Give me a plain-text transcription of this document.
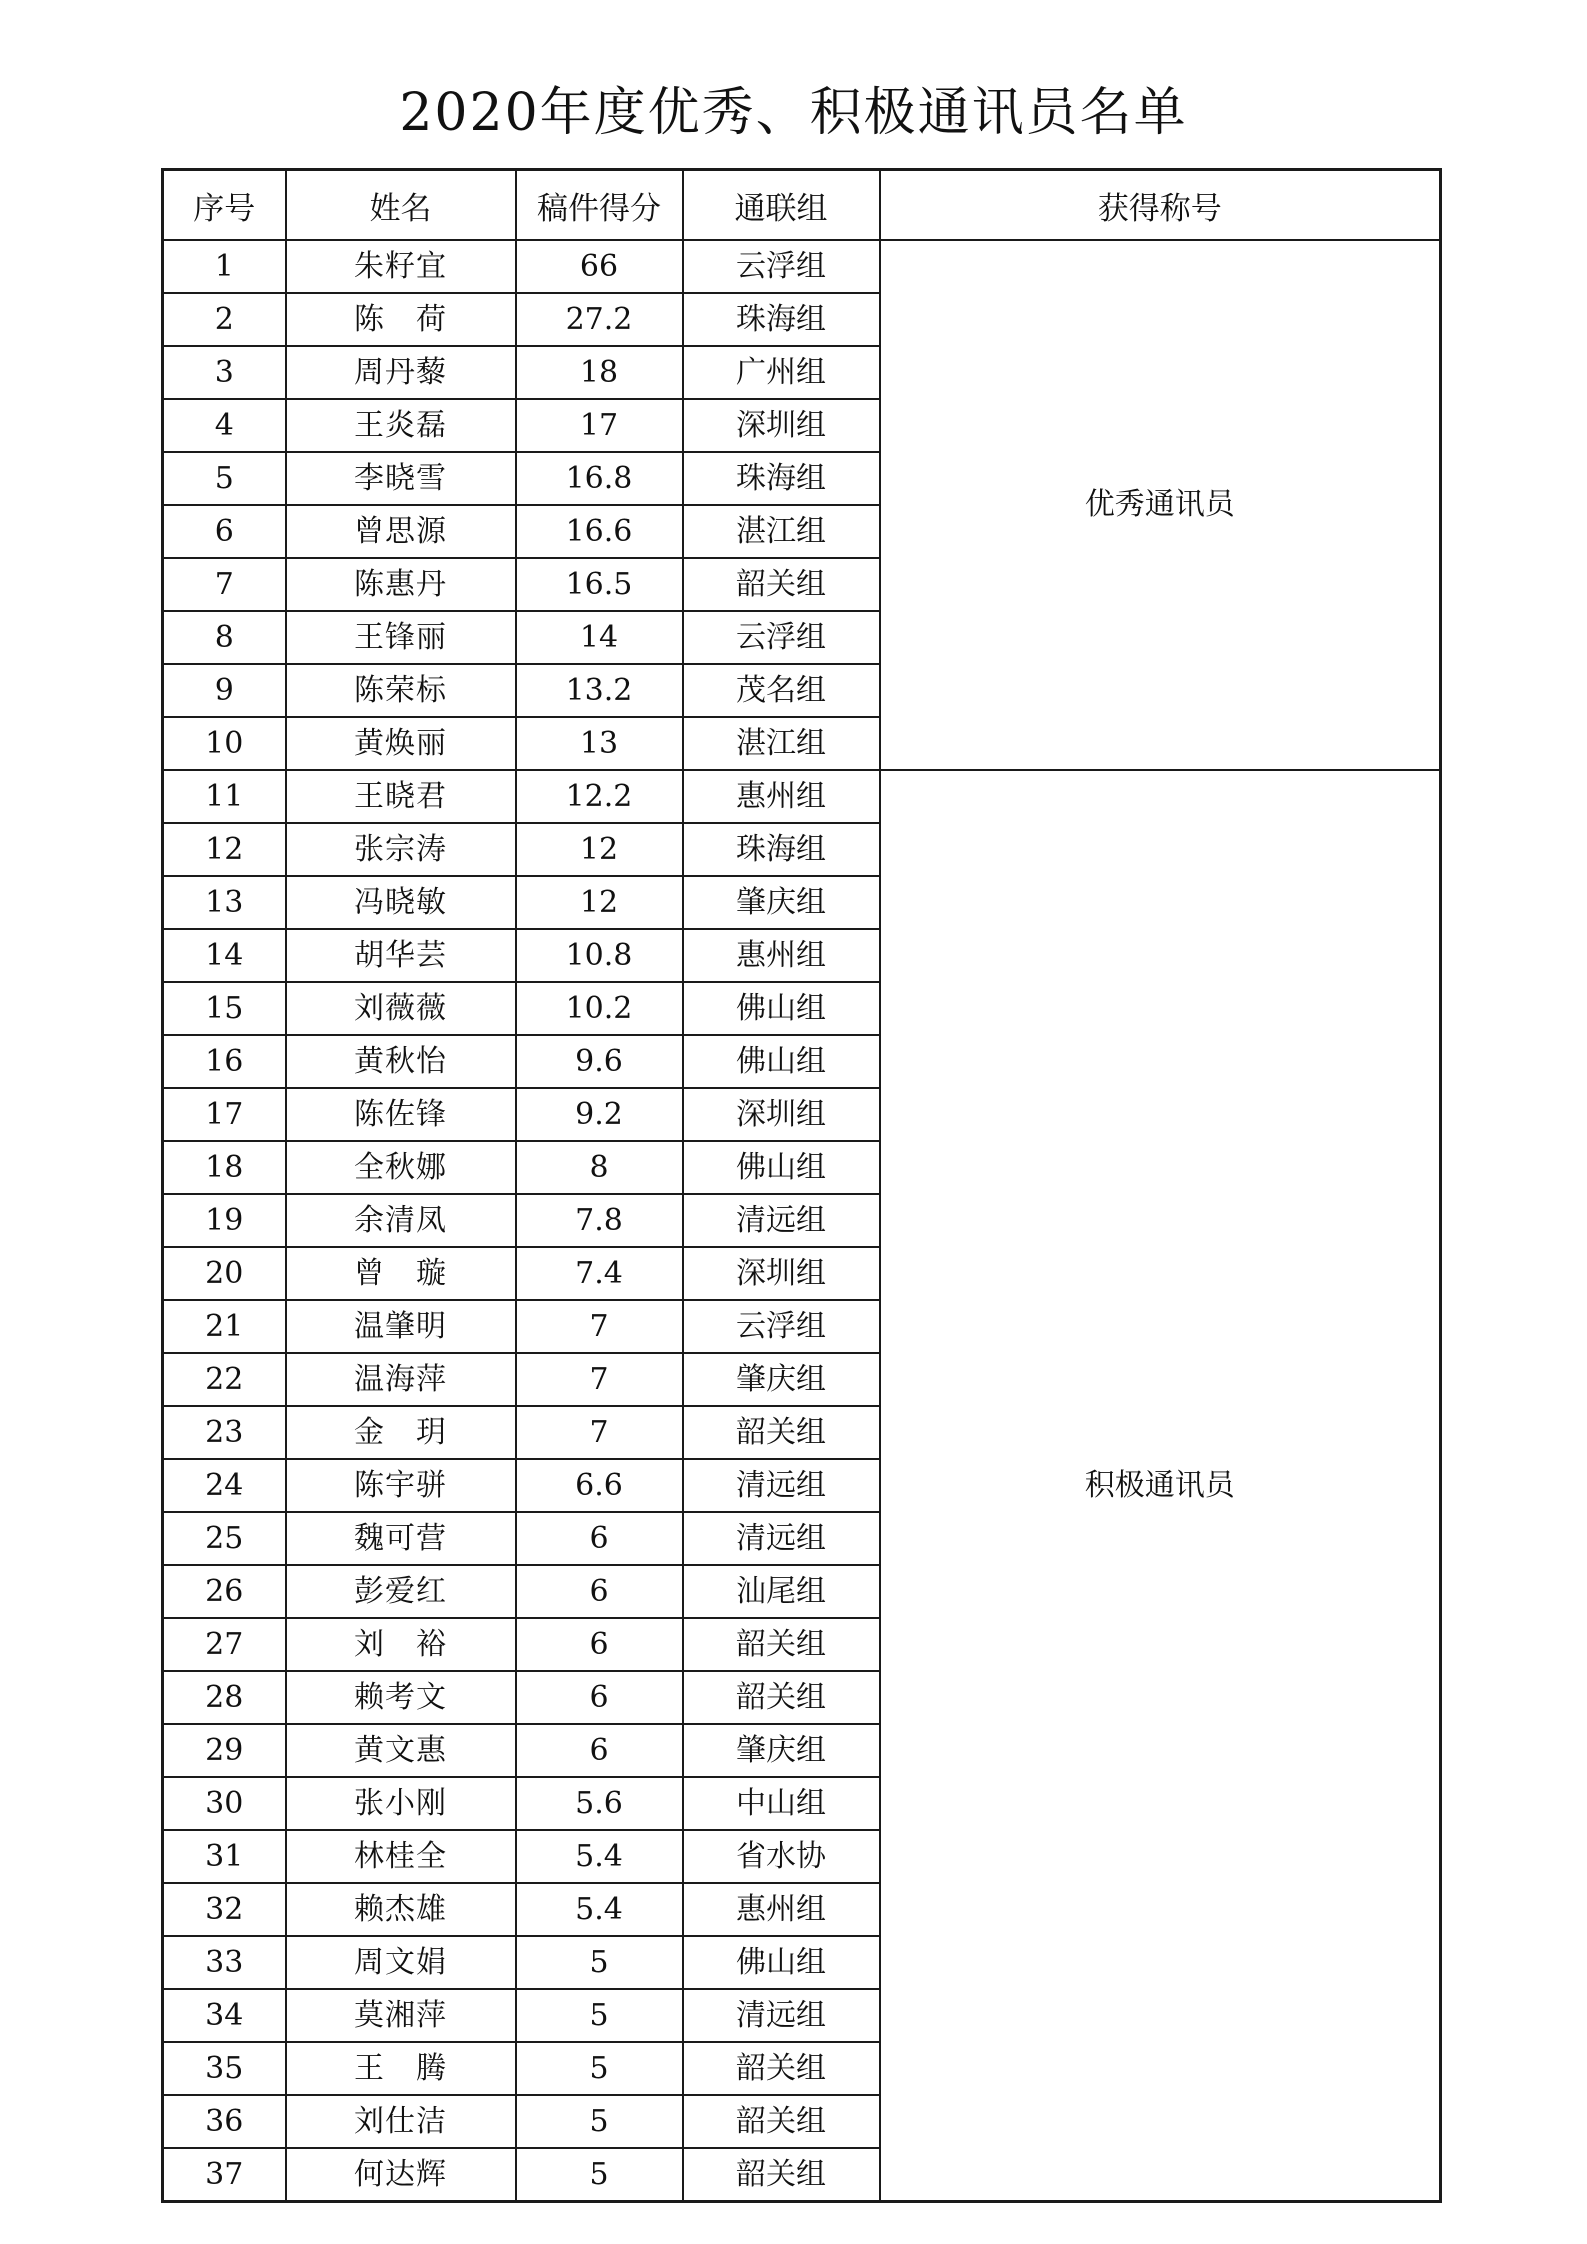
2020年度优秀、积极通讯员名单
序号	姓名	稿件得分	通联组	获得称号
1	朱籽宜	66	云浮组	优秀通讯员
2	陈　荷	27.2	珠海组	
3	周丹藜	18	广州组	
4	王炎磊	17	深圳组	
5	李晓雪	16.8	珠海组	
6	曾思源	16.6	湛江组	
7	陈惠丹	16.5	韶关组	
8	王锋丽	14	云浮组	
9	陈荣标	13.2	茂名组	
10	黄焕丽	13	湛江组	
11	王晓君	12.2	惠州组	积极通讯员
12	张宗涛	12	珠海组	
13	冯晓敏	12	肇庆组	
14	胡华芸	10.8	惠州组	
15	刘薇薇	10.2	佛山组	
16	黄秋怡	9.6	佛山组	
17	陈佐锋	9.2	深圳组	
18	全秋娜	8	佛山组	
19	余清凤	7.8	清远组	
20	曾　璇	7.4	深圳组	
21	温肇明	7	云浮组	
22	温海萍	7	肇庆组	
23	金　玥	7	韶关组	
24	陈宇骈	6.6	清远组	
25	魏可营	6	清远组	
26	彭爱红	6	汕尾组	
27	刘　裕	6	韶关组	
28	赖考文	6	韶关组	
29	黄文惠	6	肇庆组	
30	张小刚	5.6	中山组	
31	林桂全	5.4	省水协	
32	赖杰雄	5.4	惠州组	
33	周文娟	5	佛山组	
34	莫湘萍	5	清远组	
35	王　腾	5	韶关组	
36	刘仕洁	5	韶关组	
37	何达辉	5	韶关组	
